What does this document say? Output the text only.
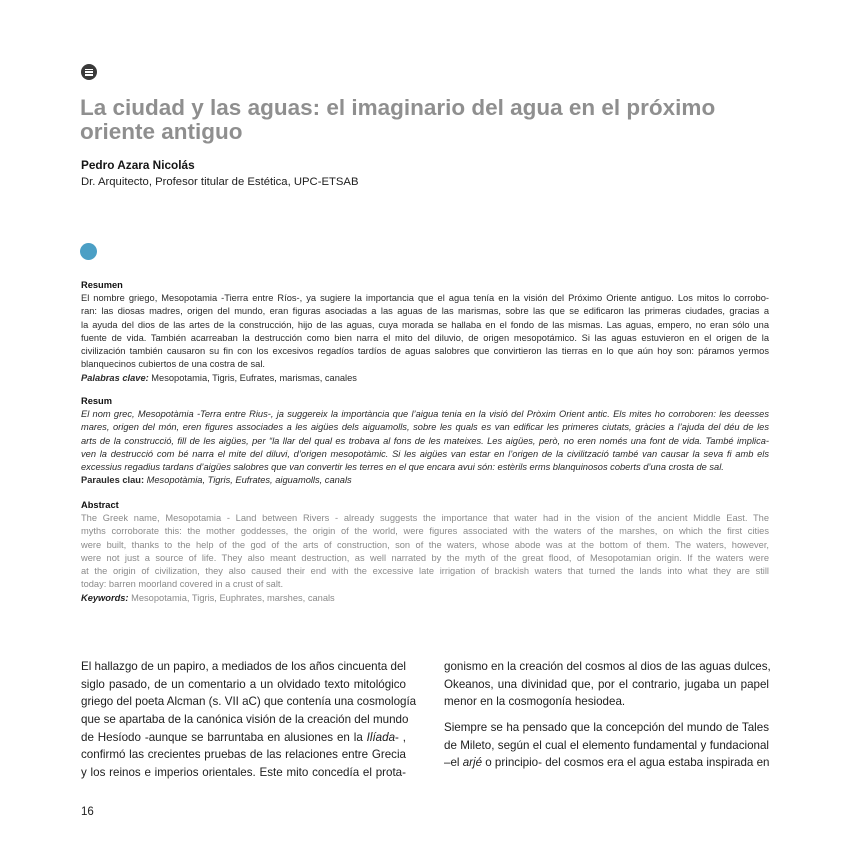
La ciudad y las aguas: el imaginario del agua en el próximo
oriente antiguo
Pedro Azara Nicolás
Dr. Arquitecto, Profesor titular de Estética, UPC-ETSAB
Resumen
El nombre griego, Mesopotamia -Tierra entre Ríos-, ya sugiere la importancia que el agua tenía en la visión del Próximo Oriente antiguo. Los mitos lo corrobo-
ran: las diosas madres, origen del mundo, eran figuras asociadas a las aguas de las marismas, sobre las que se edificaron las primeras ciudades, gracias a
la ayuda del dios de las artes de la construcción, hijo de las aguas, cuya morada se hallaba en el fondo de las mismas. Las aguas, empero, no eran sólo una
fuente de vida. También acarreaban la destrucción como bien narra el mito del diluvio, de origen mesopotámico. Si las aguas estuvieron en el origen de la
civilización también causaron su fin con los excesivos regadíos tardíos de aguas salobres que convirtieron las tierras en lo que aún hoy son: páramos yermos
blanquecinos cubiertos de una costra de sal.
Palabras clave: Mesopotamia, Tigris, Eufrates, marismas, canales
Resum
El nom grec, Mesopotàmia -Terra entre Rius-, ja suggereix la importància que l’aigua tenia en la visió del Pròxim Orient antic. Els mites ho corroboren: les deesses
mares, origen del món, eren figures associades a les aigües dels aiguamolls, sobre les quals es van edificar les primeres ciutats, gràcies a l’ajuda del déu de les
arts de la construcció, fill de les aigües, per “la llar del qual es trobava al fons de les mateixes. Les aigües, però, no eren només una font de vida. També implica-
ven la destrucció com bé narra el mite del diluvi, d’origen mesopotàmic. Si les aigües van estar en l’origen de la civilització també van causar la seva fi amb els
excessius regadius tardans d’aigües salobres que van convertir les terres en el que encara avui són: estèrils erms blanquinosos coberts d’una crosta de sal.
Paraules clau: Mesopotàmia, Tigris, Eufrates, aiguamolls, canals
Abstract
The Greek name, Mesopotamia - Land between Rivers - already suggests the importance that water had in the vision of the ancient Middle East. The
myths corroborate this: the mother goddesses, the origin of the world, were figures associated with the waters of the marshes, on which the first cities
were built, thanks to the help of the god of the arts of construction, son of the waters, whose abode was at the bottom of them. The waters, however,
were not just a source of life. They also meant destruction, as well narrated by the myth of the great flood, of Mesopotamian origin. If the waters were
at the origin of civilization, they also caused their end with the excessive late irrigation of brackish waters that turned the lands into what they are still
today: barren moorland covered in a crust of salt.
Keywords: Mesopotamia, Tigris, Euphrates, marshes, canals
El hallazgo de un papiro, a mediados de los años cincuenta del
siglo pasado, de un comentario a un olvidado texto mitológico
griego del poeta Alcman (s. VII aC) que contenía una cosmología
que se apartaba de la canónica visión de la creación del mundo
de Hesíodo -aunque se barruntaba en alusiones en la Ilíada- ,
confirmó las crecientes pruebas de las relaciones entre Grecia
y los reinos e imperios orientales. Este mito concedía el prota-
gonismo en la creación del cosmos al dios de las aguas dulces,
Okeanos, una divinidad que, por el contrario, jugaba un papel
menor en la cosmogonía hesiodea.
Siempre se ha pensado que la concepción del mundo de Tales
de Mileto, según el cual el elemento fundamental y fundacional
–el arjé o principio- del cosmos era el agua estaba inspirada en
16
